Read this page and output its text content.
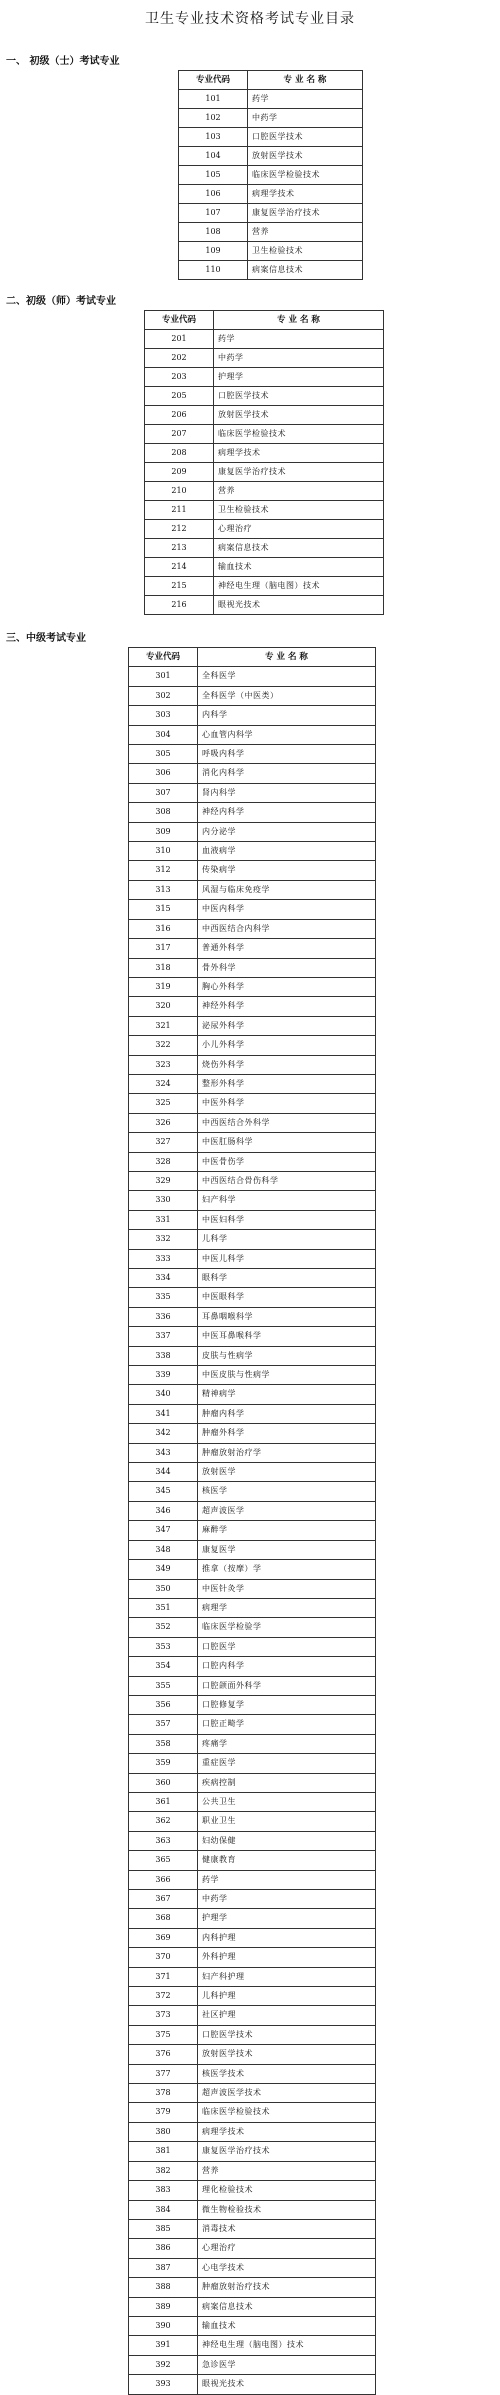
卫生专业技术资格考试专业目录
一、 初级（士）考试专业
专业代码	专 业 名 称
101	药学
102	中药学
103	口腔医学技术
104	放射医学技术
105	临床医学检验技术
106	病理学技术
107	康复医学治疗技术
108	营养
109	卫生检验技术
110	病案信息技术
二、初级（师）考试专业
专业代码	专 业 名 称
201	药学
202	中药学
203	护理学
205	口腔医学技术
206	放射医学技术
207	临床医学检验技术
208	病理学技术
209	康复医学治疗技术
210	营养
211	卫生检验技术
212	心理治疗
213	病案信息技术
214	输血技术
215	神经电生理（脑电图）技术
216	眼视光技术
三、中级考试专业
专业代码	专 业 名 称
301	全科医学
302	全科医学（中医类）
303	内科学
304	心血管内科学
305	呼吸内科学
306	消化内科学
307	肾内科学
308	神经内科学
309	内分泌学
310	血液病学
312	传染病学
313	风湿与临床免疫学
315	中医内科学
316	中西医结合内科学
317	普通外科学
318	骨外科学
319	胸心外科学
320	神经外科学
321	泌尿外科学
322	小儿外科学
323	烧伤外科学
324	整形外科学
325	中医外科学
326	中西医结合外科学
327	中医肛肠科学
328	中医骨伤学
329	中西医结合骨伤科学
330	妇产科学
331	中医妇科学
332	儿科学
333	中医儿科学
334	眼科学
335	中医眼科学
336	耳鼻咽喉科学
337	中医耳鼻喉科学
338	皮肤与性病学
339	中医皮肤与性病学
340	精神病学
341	肿瘤内科学
342	肿瘤外科学
343	肿瘤放射治疗学
344	放射医学
345	核医学
346	超声波医学
347	麻醉学
348	康复医学
349	推拿（按摩）学
350	中医针灸学
351	病理学
352	临床医学检验学
353	口腔医学
354	口腔内科学
355	口腔颌面外科学
356	口腔修复学
357	口腔正畸学
358	疼痛学
359	重症医学
360	疾病控制
361	公共卫生
362	职业卫生
363	妇幼保健
365	健康教育
366	药学
367	中药学
368	护理学
369	内科护理
370	外科护理
371	妇产科护理
372	儿科护理
373	社区护理
375	口腔医学技术
376	放射医学技术
377	核医学技术
378	超声波医学技术
379	临床医学检验技术
380	病理学技术
381	康复医学治疗技术
382	营养
383	理化检验技术
384	微生物检验技术
385	消毒技术
386	心理治疗
387	心电学技术
388	肿瘤放射治疗技术
389	病案信息技术
390	输血技术
391	神经电生理（脑电图）技术
392	急诊医学
393	眼视光技术
